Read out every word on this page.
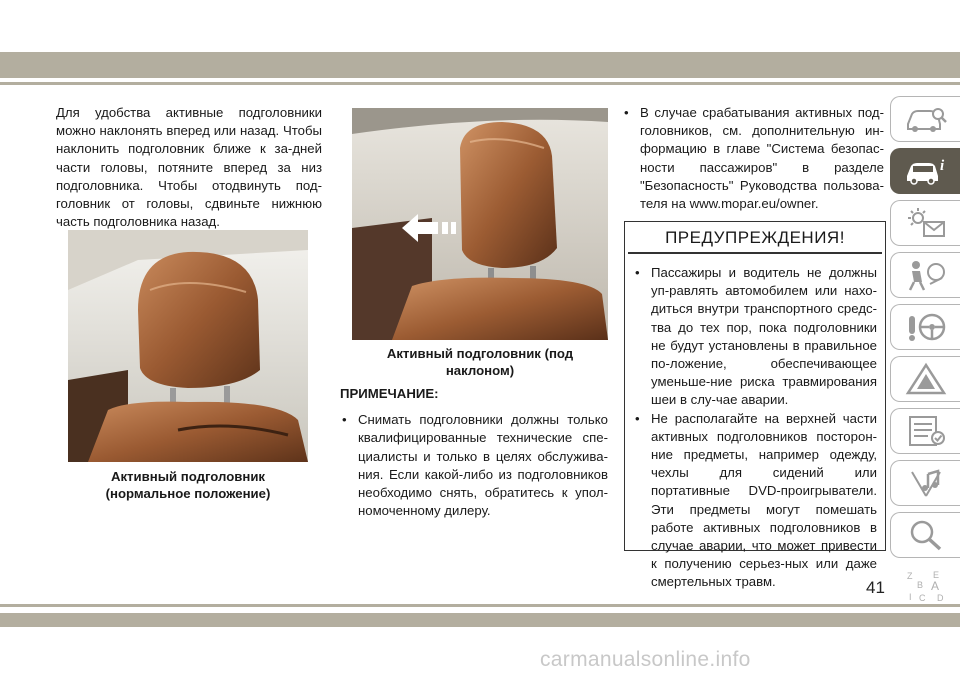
Для удобства активные подголовники можно наклонять вперед или назад. Чтобы наклонить подголовник ближе к за-дней части головы, потяните вперед за низ подголовника. Чтобы отодвинуть под-головник от головы, сдвиньте нижнюю часть подголовника назад.

Активный подголовник
(нормальное положение)
Активный подголовник (под
наклоном)

ПРИМЕЧАНИЕ:

• Снимать подголовники должны только квалифицированные технические спе-циалисты и только в целях обслужива-ния. Если какой-либо из подголовников необходимо снять, обратитесь к упол-номоченному дилеру.
• В случае срабатывания активных под-головников, см. дополнительную ин-формацию в главе "Система безопас-ности пассажиров" в разделе "Безопасность" Руководства пользова-теля на www.mopar.eu/owner.
ПРЕДУПРЕЖДЕНИЯ!
• Пассажиры и водитель не должны уп-равлять автомобилем или нахо-диться внутри транспортного средс-тва до тех пор, пока подголовники не будут установлены в правильное по-ложение, обеспечивающее уменьше-ние риска травмирования шеи в слу-чае аварии.
• Не располагайте на верхней части активных подголовников посторон-ние предметы, например одежду, чехлы для сидений или портативные DVD-проигрыватели. Эти предметы могут помешать работе активных подголовников в случае аварии, что может привести к получению серьез-ных или даже смертельных травм.
i
Z E
B A
I C D
41
carmanualsonline.info
